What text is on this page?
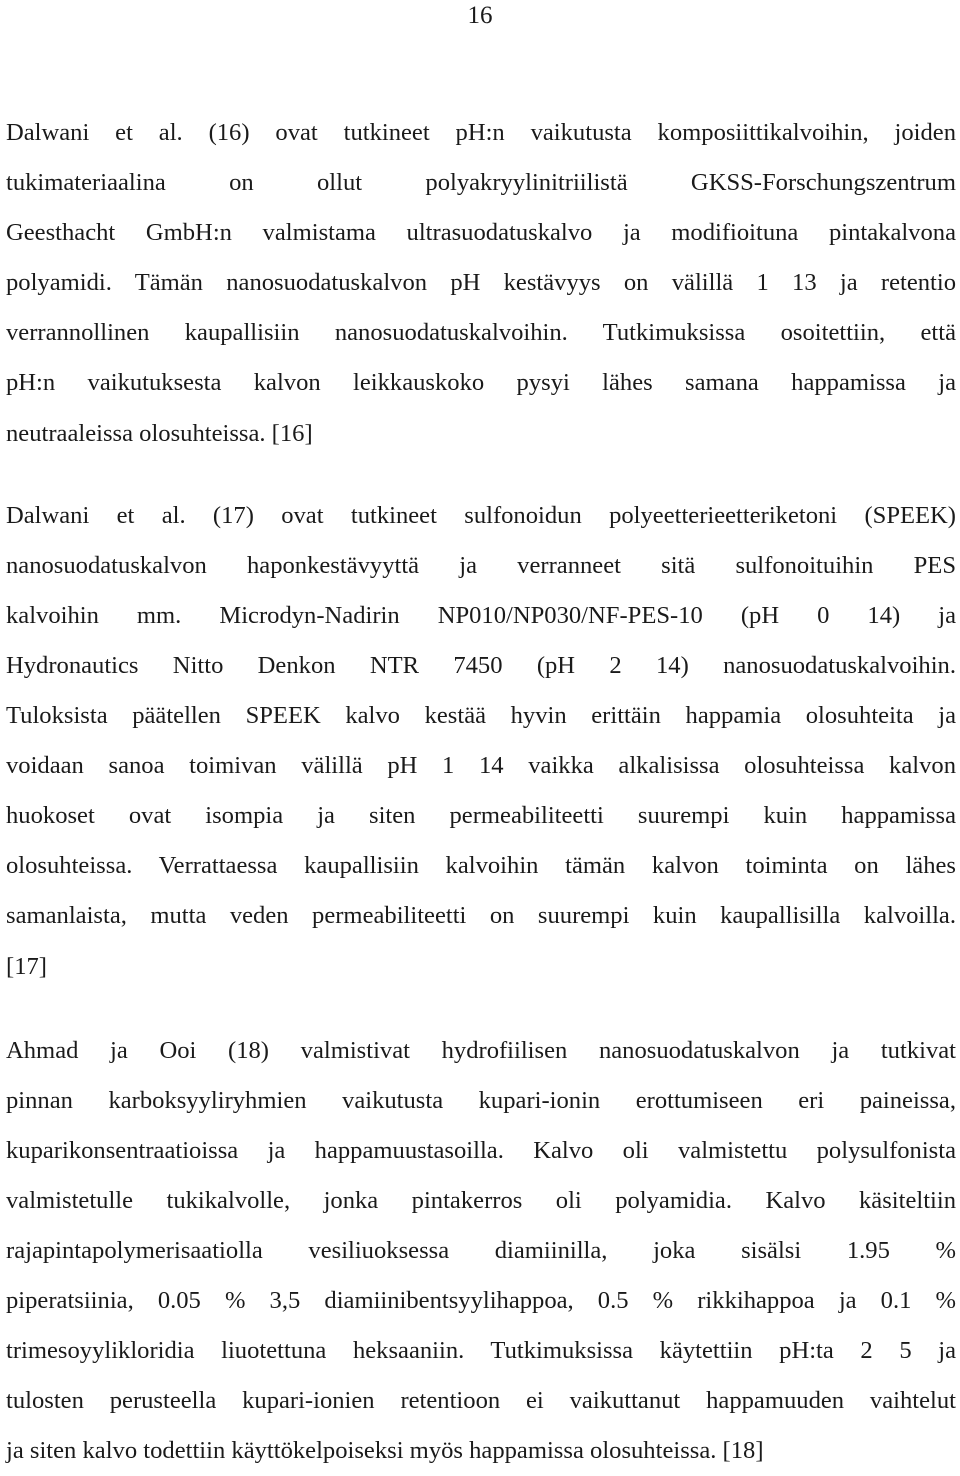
16

Dalwani et al. (16) ovat tutkineet pH:n vaikutusta komposiittikalvoihin, joiden
tukimateriaalina on ollut polyakryylinitriilistä GKSS-Forschungszentrum
Geesthacht GmbH:n valmistama ultrasuodatuskalvo ja modifioituna pintakalvona
polyamidi. Tämän nanosuodatuskalvon pH kestävyys on välillä 1 13 ja retentio
verrannollinen kaupallisiin nanosuodatuskalvoihin. Tutkimuksissa osoitettiin, että
pH:n vaikutuksesta kalvon leikkauskoko pysyi lähes samana happamissa ja
neutraaleissa olosuhteissa. [16]

Dalwani et al. (17) ovat tutkineet sulfonoidun polyeetterieetteriketoni (SPEEK)
nanosuodatuskalvon haponkestävyyttä ja verranneet sitä sulfonoituihin PES
kalvoihin mm. Microdyn-Nadirin NP010/NP030/NF-PES-10 (pH 0 14) ja
Hydronautics Nitto Denkon NTR 7450 (pH 2 14) nanosuodatuskalvoihin.
Tuloksista päätellen SPEEK kalvo kestää hyvin erittäin happamia olosuhteita ja
voidaan sanoa toimivan välillä pH 1 14 vaikka alkalisissa olosuhteissa kalvon
huokoset ovat isompia ja siten permeabiliteetti suurempi kuin happamissa
olosuhteissa. Verrattaessa kaupallisiin kalvoihin tämän kalvon toiminta on lähes
samanlaista, mutta veden permeabiliteetti on suurempi kuin kaupallisilla kalvoilla.
[17]

Ahmad ja Ooi (18) valmistivat hydrofiilisen nanosuodatuskalvon ja tutkivat
pinnan karboksyyliryhmien vaikutusta kupari-ionin erottumiseen eri paineissa,
kuparikonsentraatioissa ja happamuustasoilla. Kalvo oli valmistettu polysulfonista
valmistetulle tukikalvolle, jonka pintakerros oli polyamidia. Kalvo käsiteltiin
rajapintapolymerisaatiolla vesiliuoksessa diamiinilla, joka sisälsi 1.95 %
piperatsiinia, 0.05 % 3,5 diamiinibentsyylihappoa, 0.5 % rikkihappoa ja 0.1 %
trimesoyylikloridia liuotettuna heksaaniin. Tutkimuksissa käytettiin pH:ta 2 5 ja
tulosten perusteella kupari-ionien retentioon ei vaikuttanut happamuuden vaihtelut
ja siten kalvo todettiin käyttökelpoiseksi myös happamissa olosuhteissa. [18]
